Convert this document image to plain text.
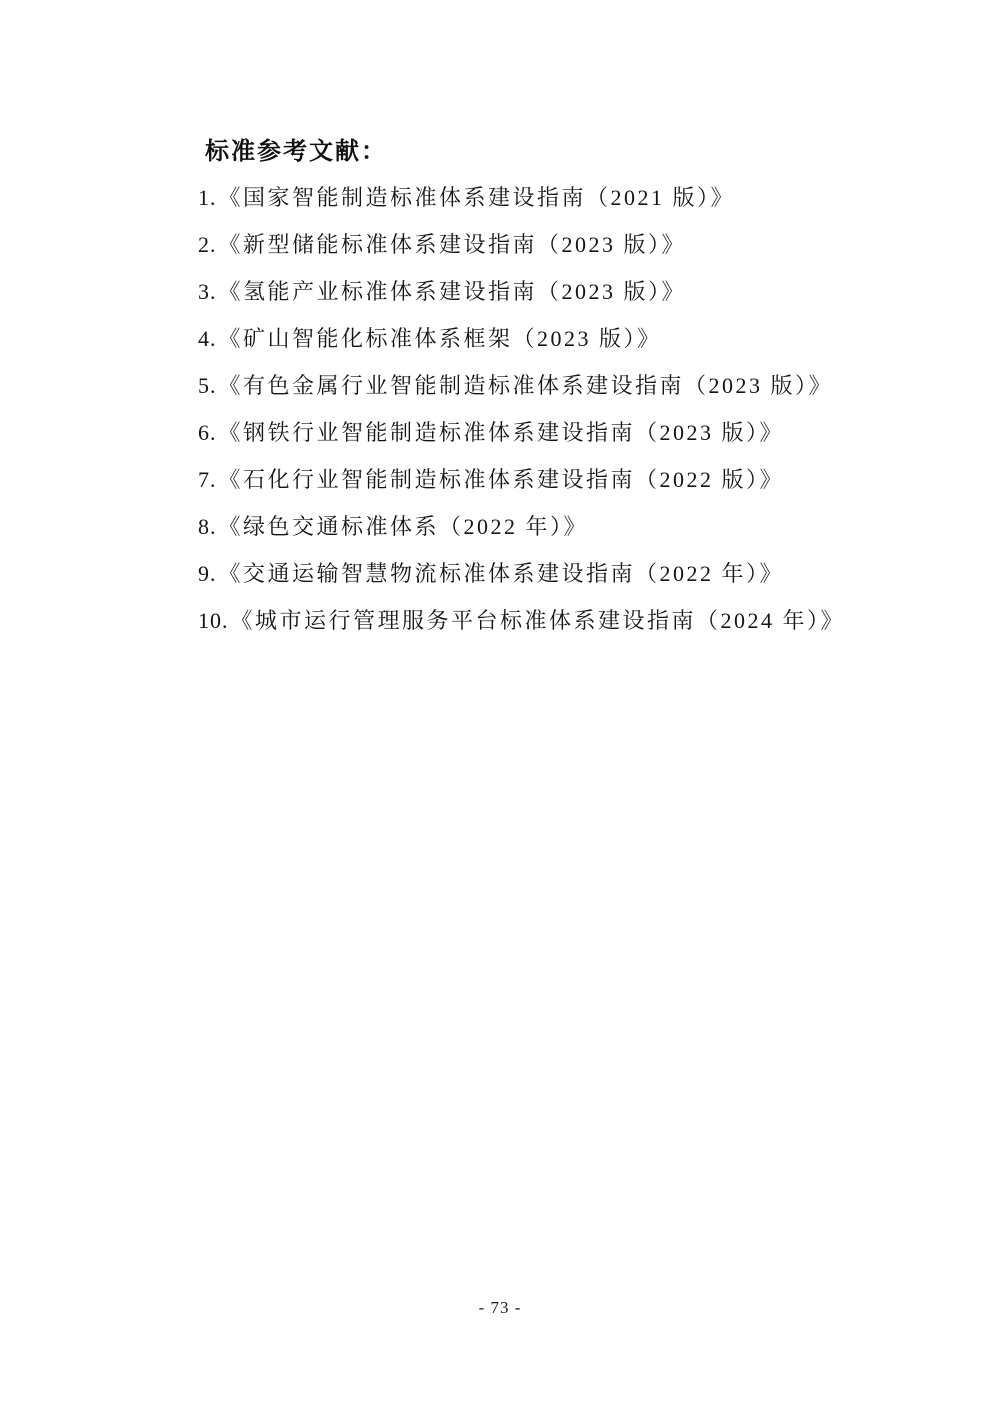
标准参考文献：
1.《国家智能制造标准体系建设指南（2021 版）》
2.《新型储能标准体系建设指南（2023 版）》
3.《氢能产业标准体系建设指南（2023 版）》
4.《矿山智能化标准体系框架（2023 版）》
5.《有色金属行业智能制造标准体系建设指南（2023 版）》
6.《钢铁行业智能制造标准体系建设指南（2023 版）》
7.《石化行业智能制造标准体系建设指南（2022 版）》
8.《绿色交通标准体系（2022 年）》
9.《交通运输智慧物流标准体系建设指南（2022 年）》
10.《城市运行管理服务平台标准体系建设指南（2024 年）》
- 73 -
